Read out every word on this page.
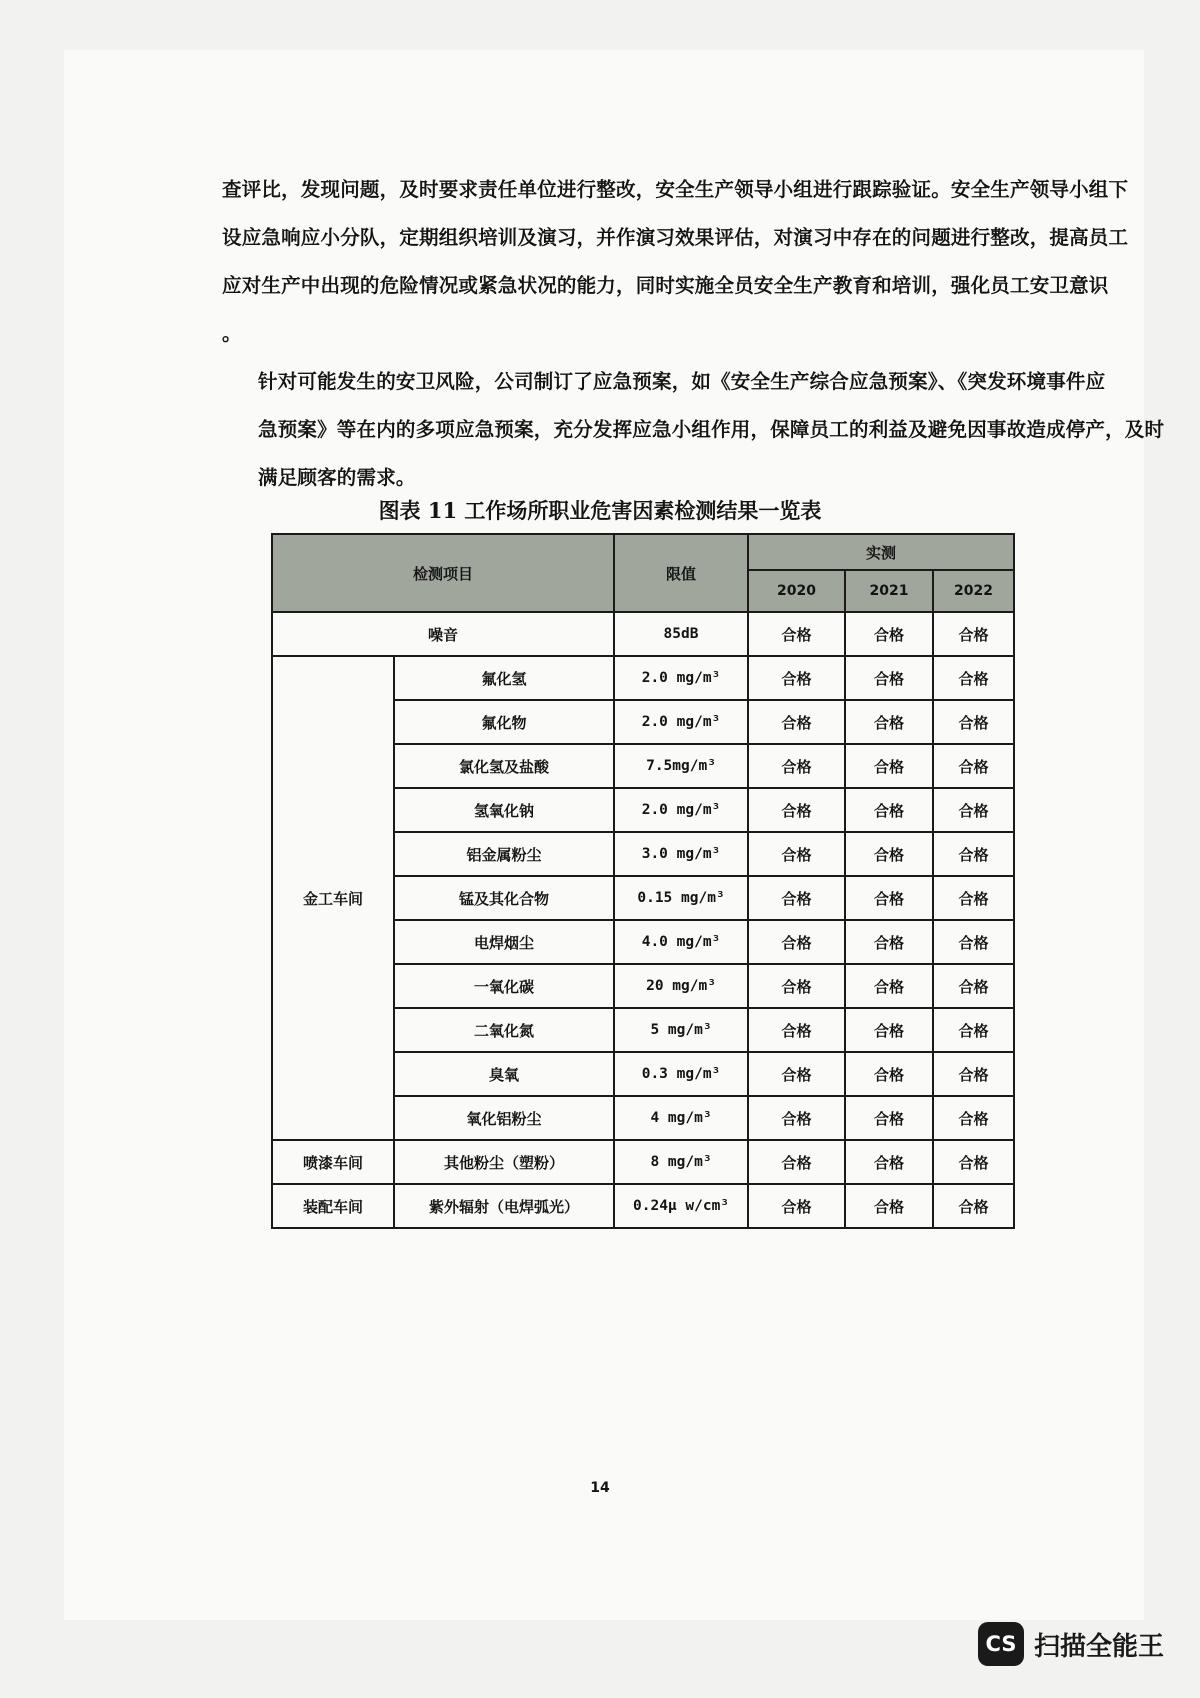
查评比，发现问题，及时要求责任单位进行整改，安全生产领导小组进行跟踪验证。安全生产领导小组下
设应急响应小分队，定期组织培训及演习，并作演习效果评估，对演习中存在的问题进行整改，提高员工
应对生产中出现的危险情况或紧急状况的能力，同时实施全员安全生产教育和培训，强化员工安卫意识
。
针对可能发生的安卫风险，公司制订了应急预案，如《安全生产综合应急预案》、《突发环境事件应
急预案》等在内的多项应急预案，充分发挥应急小组作用，保障员工的利益及避免因事故造成停产，及时
满足顾客的需求。
图表 11 工作场所职业危害因素检测结果一览表
检测项目		限值	实测		
			2020	2021	2022
噪音		85dB	合格	合格	合格
金工车间	氟化氢	2.0 mg/m³	合格	合格	合格
	氟化物	2.0 mg/m³	合格	合格	合格
	氯化氢及盐酸	7.5mg/m³	合格	合格	合格
	氢氧化钠	2.0 mg/m³	合格	合格	合格
	铝金属粉尘	3.0 mg/m³	合格	合格	合格
	锰及其化合物	0.15 mg/m³	合格	合格	合格
	电焊烟尘	4.0 mg/m³	合格	合格	合格
	一氧化碳	20 mg/m³	合格	合格	合格
	二氧化氮	5 mg/m³	合格	合格	合格
	臭氧	0.3 mg/m³	合格	合格	合格
	氧化铝粉尘	4 mg/m³	合格	合格	合格
喷漆车间	其他粉尘（塑粉）	8 mg/m³	合格	合格	合格
装配车间	紫外辐射（电焊弧光）	0.24μ w/cm³	合格	合格	合格
14
CS 扫描全能王
